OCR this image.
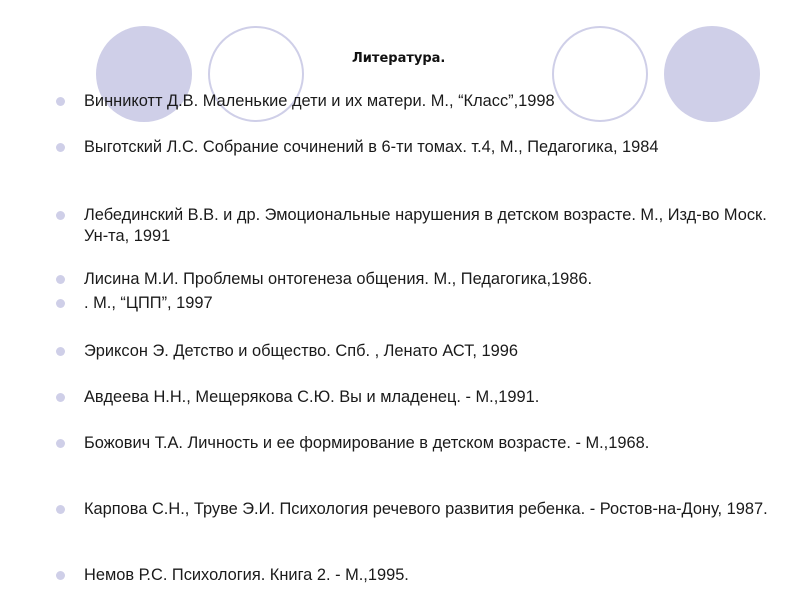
Литература.
Винникотт Д.В. Маленькие дети и их матери. М., “Класс”,1998
Выготский Л.С. Собрание сочинений в 6-ти томах. т.4, М., Педагогика, 1984
Лебединский В.В. и др. Эмоциональные нарушения в детском возрасте. М., Изд-во Моск. Ун-та, 1991
Лисина М.И. Проблемы онтогенеза общения. М., Педагогика,1986.
. М., “ЦПП”, 1997
Эриксон Э. Детство и общество. Спб. , Ленато АСТ, 1996
Авдеева Н.Н., Мещерякова С.Ю. Вы и младенец. - М.,1991.
Божович Т.А. Личность и ее формирование в детском возрасте. - М.,1968.
Карпова С.Н., Труве Э.И. Психология речевого развития ребенка. - Ростов-на-Дону, 1987.
Немов Р.С. Психология. Книга 2. - М.,1995.
